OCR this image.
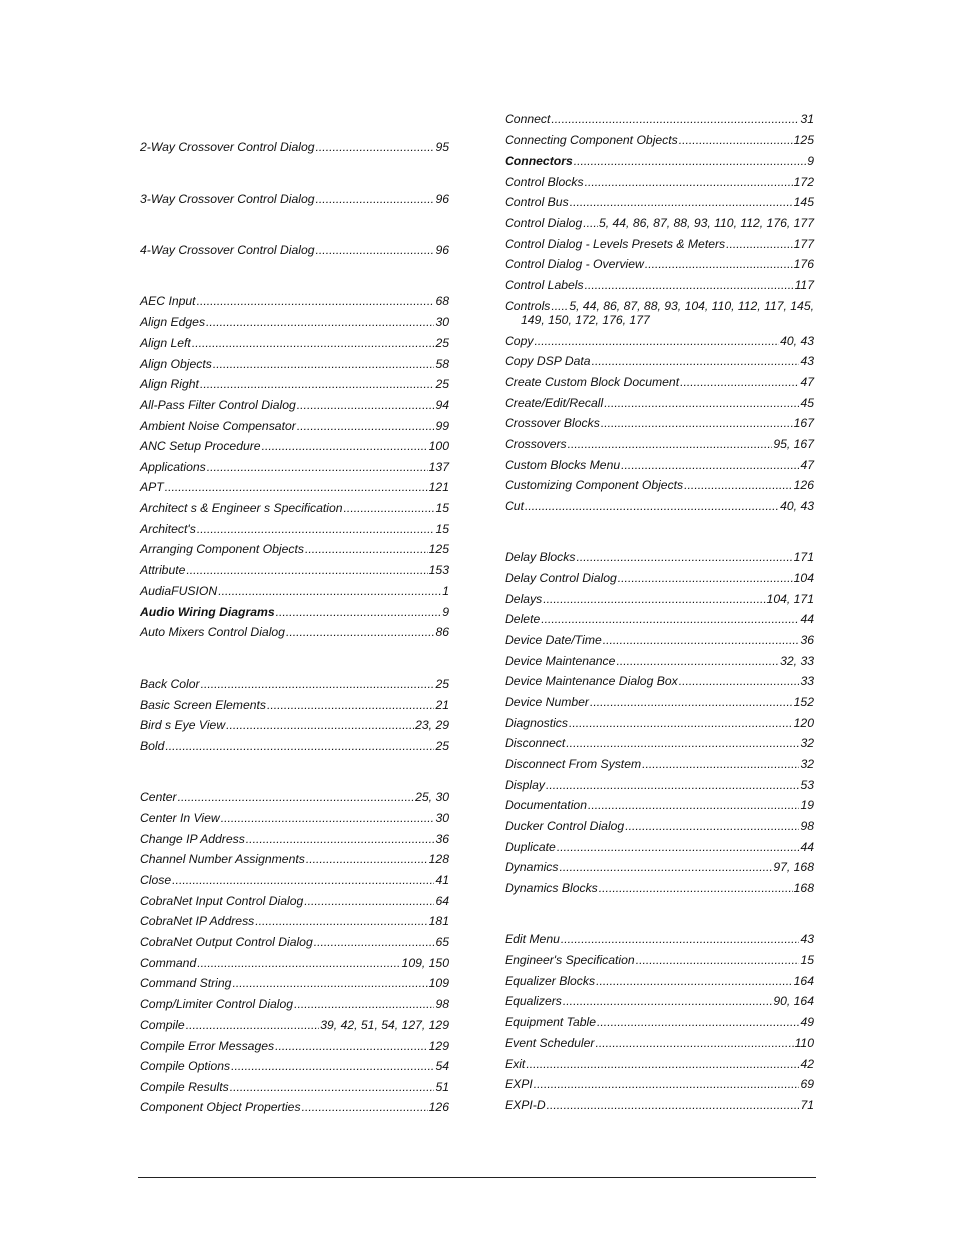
2-Way Crossover Control Dialog .....	95
3-Way Crossover Control Dialog .....	96
4-Way Crossover Control Dialog .....	96
AEC Input .....	68
Align Edges .....	30
Align Left .....	25
Align Objects .....	58
Align Right .....	25
All-Pass Filter Control Dialog .....	94
Ambient Noise Compensator .....	99
ANC Setup Procedure .....	100
Applications .....	137
APT .....	121
Architect s & Engineer s Specification .....	15
Architect's .....	15
Arranging Component Objects .....	125
Attribute .....	153
AudiaFUSION .....	1
Audio Wiring Diagrams .....	9
Auto Mixers Control Dialog .....	86
Back Color .....	25
Basic Screen Elements .....	21
Bird s Eye View .....	23, 29
Bold .....	25
Center .....	25, 30
Center In View .....	30
Change IP Address .....	36
Channel Number Assignments .....	128
Close .....	41
CobraNet Input Control Dialog .....	64
CobraNet IP Address .....	181
CobraNet Output Control Dialog .....	65
Command .....	109, 150
Command String .....	109
Comp/Limiter Control Dialog .....	98
Compile .....	39, 42, 51, 54, 127, 129
Compile Error Messages .....	129
Compile Options .....	54
Compile Results .....	51
Component Object Properties .....	126
Connect .....	31
Connecting Component Objects .....	125
Connectors .....	9
Control Blocks .....	172
Control Bus .....	145
Control Dialog ..... 5, 44, 86, 87, 88, 93, 110, 112, 176, 177
Control Dialog - Levels Presets & Meters .....	177
Control Dialog - Overview .....	176
Control Labels .....	117
Controls ..... 5, 44, 86, 87, 88, 93, 104, 110, 112, 117, 145,
149, 150, 172, 176, 177
Copy .....	40, 43
Copy DSP Data .....	43
Create Custom Block Document .....	47
Create/Edit/Recall .....	45
Crossover Blocks .....	167
Crossovers .....	95, 167
Custom Blocks Menu .....	47
Customizing Component Objects .....	126
Cut .....	40, 43
Delay Blocks .....	171
Delay Control Dialog .....	104
Delays .....	104, 171
Delete .....	44
Device Date/Time .....	36
Device Maintenance .....	32, 33
Device Maintenance Dialog Box .....	33
Device Number .....	152
Diagnostics .....	120
Disconnect .....	32
Disconnect From System .....	32
Display .....	53
Documentation .....	19
Ducker Control Dialog .....	98
Duplicate .....	44
Dynamics .....	97, 168
Dynamics Blocks .....	168
Edit Menu .....	43
Engineer's Specification .....	15
Equalizer Blocks .....	164
Equalizers .....	90, 164
Equipment Table .....	49
Event Scheduler .....	110
Exit .....	42
EXPI .....	69
EXPI-D .....	71
